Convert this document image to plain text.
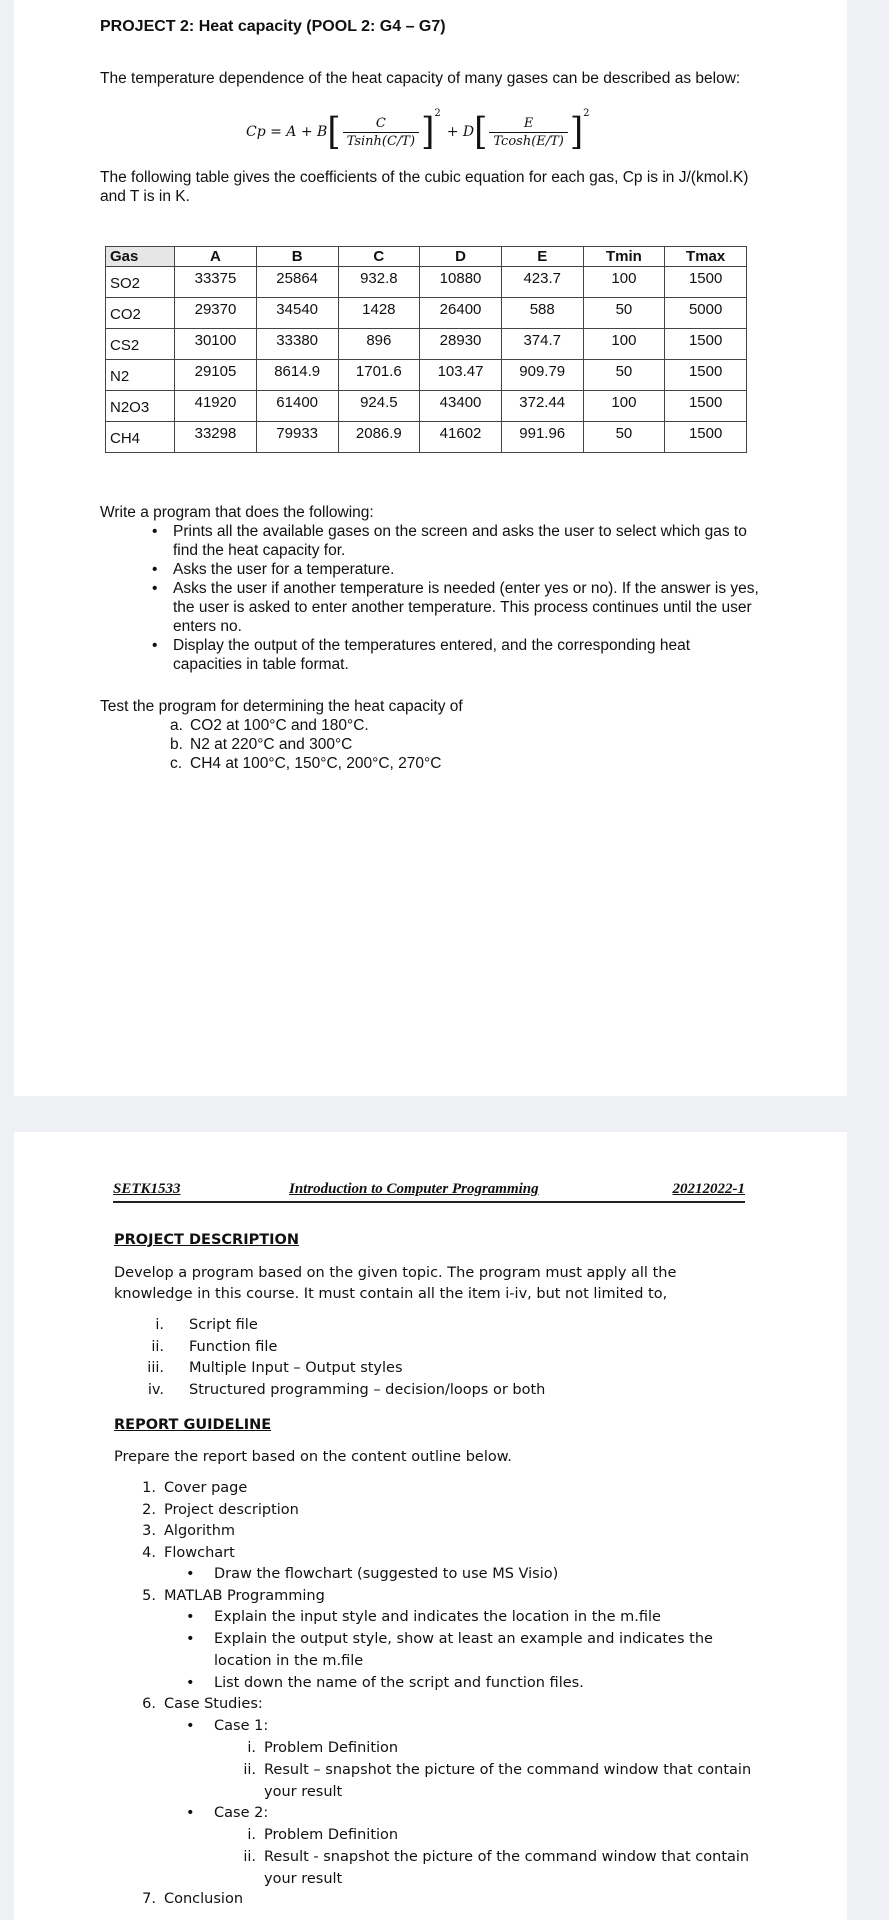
PROJECT 2: Heat capacity (POOL 2: G4 – G7)
The temperature dependence of the heat capacity of many gases can be described as below:
Cp = A + B [ $\frac{C}{Tsinh(C/T)}$ ] 2
+ D [ $\frac{E}{Tcosh(E/T)}$ ] 2
The following table gives the coefficients of the cubic equation for each gas, Cp is in J/(kmol.K) and T is in K.
Gas	A	B	C	D	E	Tmin	Tmax
SO2	33375	25864	932.8	10880	423.7	100	1500
CO2	29370	34540	1428	26400	588	50	5000
CS2	30100	33380	896	28930	374.7	100	1500
N2	29105	8614.9	1701.6	103.47	909.79	50	1500
N2O3	41920	61400	924.5	43400	372.44	100	1500
CH4	33298	79933	2086.9	41602	991.96	50	1500
Write a program that does the following:
• Prints all the available gases on the screen and asks the user to select which gas to find the heat capacity for.
• Asks the user for a temperature.
• Asks the user if another temperature is needed (enter yes or no). If the answer is yes, the user is asked to enter another temperature. This process continues until the user enters no.
• Display the output of the temperatures entered, and the corresponding heat capacities in table format.
Test the program for determining the heat capacity of
a. CO2 at 100°C and 180°C.
b. N2 at 220°C and 300°C
c. CH4 at 100°C, 150°C, 200°C, 270°C
SETK1533	Introduction to Computer Programming	20212022-1
PROJECT DESCRIPTION
Develop a program based on the given topic. The program must apply all the knowledge in this course. It must contain all the item i-iv, but not limited to,
i. Script file
ii. Function file
iii. Multiple Input – Output styles
iv. Structured programming – decision/loops or both
REPORT GUIDELINE
Prepare the report based on the content outline below.
1. Cover page
2. Project description
3. Algorithm
4. Flowchart
• Draw the flowchart (suggested to use MS Visio)
5. MATLAB Programming
• Explain the input style and indicates the location in the m.file
• Explain the output style, show at least an example and indicates the location in the m.file
• List down the name of the script and function files.
6. Case Studies:
• Case 1:
i. Problem Definition
ii. Result – snapshot the picture of the command window that contain your result
• Case 2:
i. Problem Definition
ii. Result - snapshot the picture of the command window that contain your result
7. Conclusion
